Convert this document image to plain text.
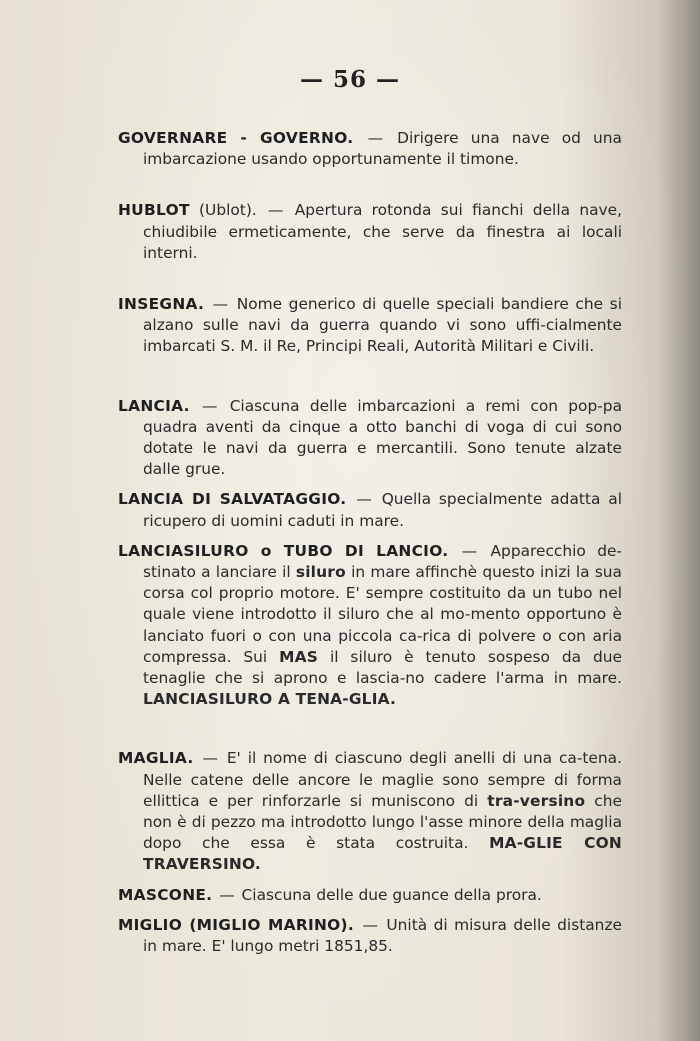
— 56 —

GOVERNARE - GOVERNO. — Dirigere una nave od una imbarcazione usando opportunamente il timone.

HUBLOT (Ublot). — Apertura rotonda sui fianchi della nave, chiudibile ermeticamente, che serve da finestra ai locali interni.

INSEGNA. — Nome generico di quelle speciali bandiere che si alzano sulle navi da guerra quando vi sono uffi-cialmente imbarcati S. M. il Re, Principi Reali, Autorità Militari e Civili.

LANCIA. — Ciascuna delle imbarcazioni a remi con pop-pa quadra aventi da cinque a otto banchi di voga di cui sono dotate le navi da guerra e mercantili. Sono tenute alzate dalle grue.

LANCIA DI SALVATAGGIO. — Quella specialmente adatta al ricupero di uomini caduti in mare.

LANCIASILURO o TUBO DI LANCIO. — Apparecchio de-stinato a lanciare il siluro in mare affinchè questo inizi la sua corsa col proprio motore. E' sempre costituito da un tubo nel quale viene introdotto il siluro che al mo-mento opportuno è lanciato fuori o con una piccola ca-rica di polvere o con aria compressa. Sui MAS il siluro è tenuto sospeso da due tenaglie che si aprono e lascia-no cadere l'arma in mare. LANCIASILURO A TENA-GLIA.

MAGLIA. — E' il nome di ciascuno degli anelli di una ca-tena. Nelle catene delle ancore le maglie sono sempre di forma ellittica e per rinforzarle si muniscono di tra-versino che non è di pezzo ma introdotto lungo l'asse minore della maglia dopo che essa è stata costruita. MA-GLIE CON TRAVERSINO.

MASCONE. — Ciascuna delle due guance della prora.

MIGLIO (MIGLIO MARINO). — Unità di misura delle distanze in mare. E' lungo metri 1851,85.
